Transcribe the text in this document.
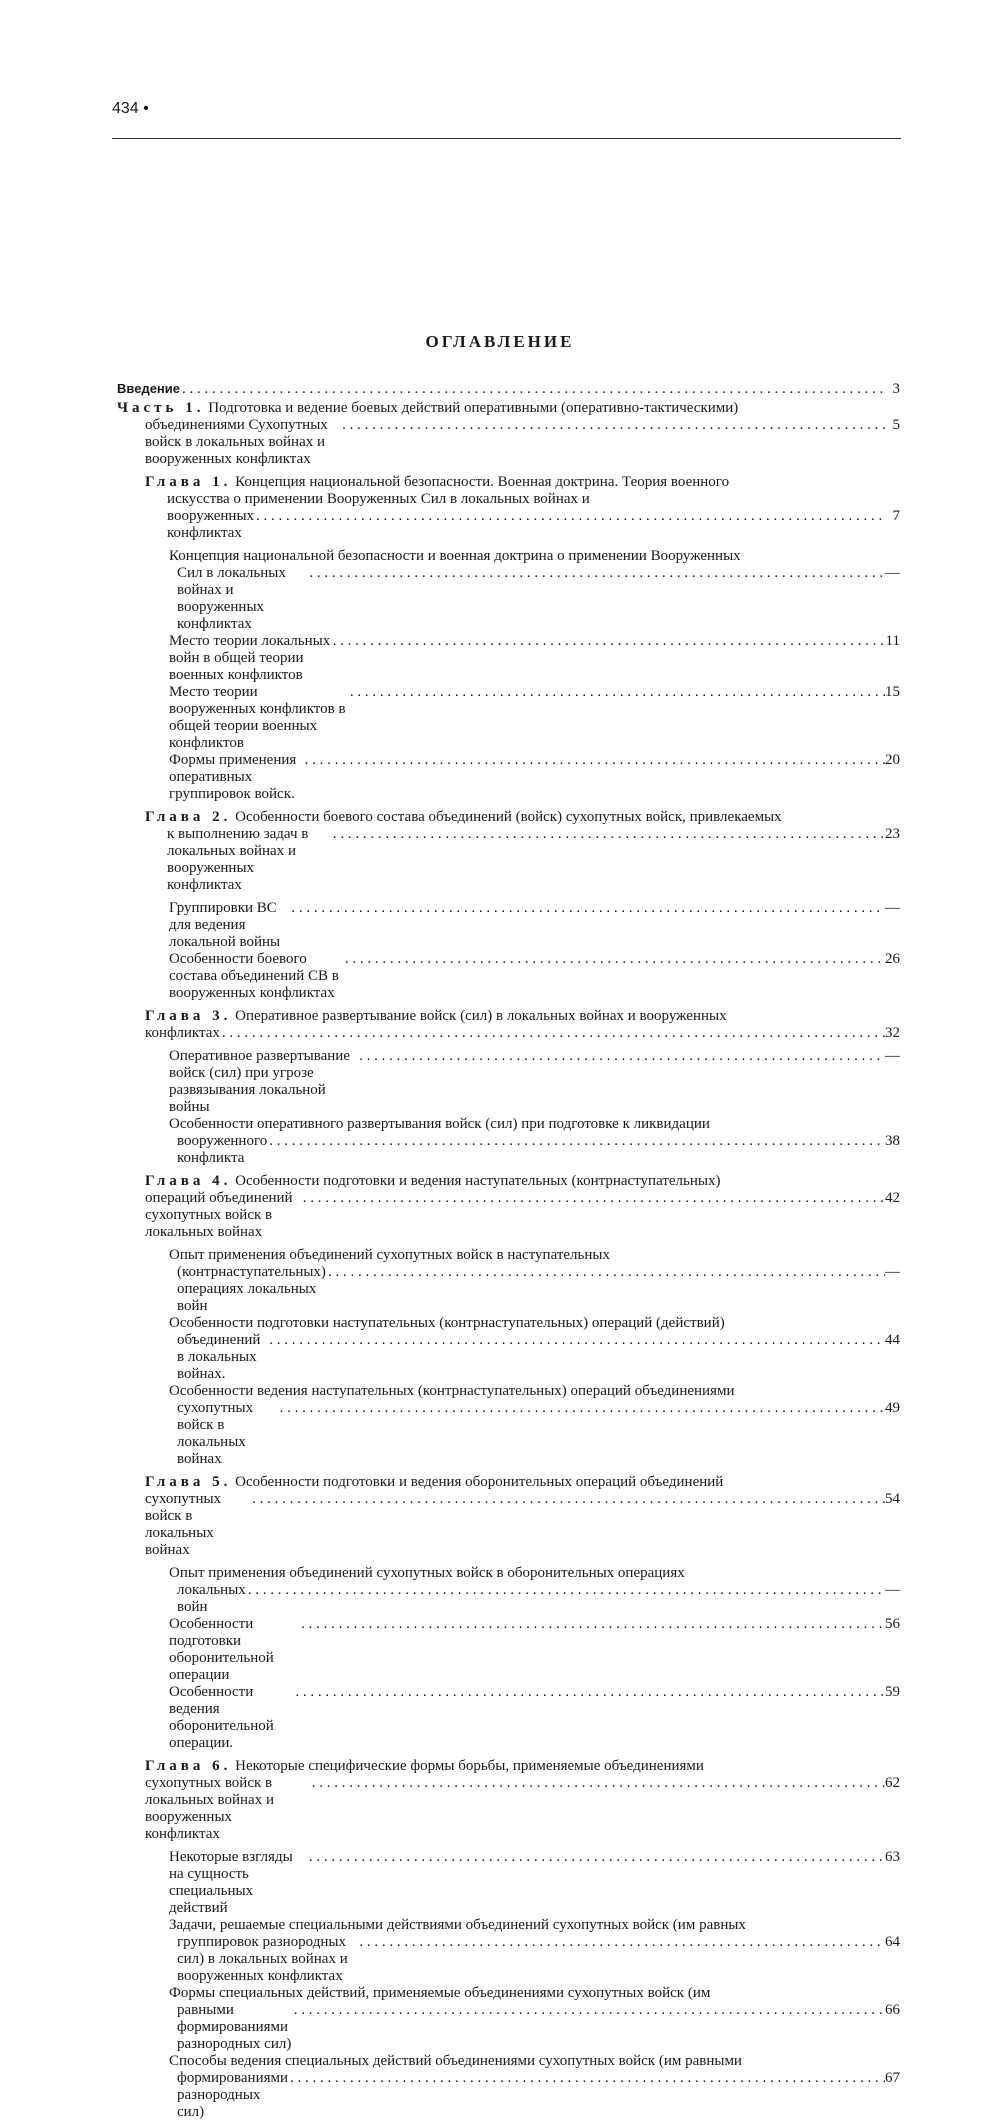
434 •
ОГЛАВЛЕНИЕ
Введение . . .	3
Часть 1. Подготовка и ведение боевых действий оперативными (оперативно-тактическими)
объединениями Сухопутных войск в локальных войнах и вооруженных конфликтах
. . .
5
Глава 1. Концепция национальной безопасности. Военная доктрина. Теория военного
искусства о применении Вооруженных Сил в локальных войнах и
вооруженных конфликтах
. . .
7
Концепция национальной безопасности и военная доктрина о применении Вооруженных
Сил в локальных войнах и вооруженных конфликтах
. . .
—
Место теории локальных войн в общей теории военных конфликтов
. . .
11
Место теории вооруженных конфликтов в общей теории военных конфликтов
. . .
15
Формы применения оперативных группировок войск.
. . .
20
Глава 2. Особенности боевого состава объединений (войск) сухопутных войск, привлекаемых
к выполнению задач в локальных войнах и вооруженных конфликтах
. . .
23
Группировки ВС для ведения локальной войны
. . .
—
Особенности боевого состава объединений СВ в вооруженных конфликтах
. . .
26
Глава 3. Оперативное развертывание войск (сил) в локальных войнах и вооруженных
конфликтах . . .	32
Оперативное развертывание войск (сил) при угрозе развязывания локальной войны
. . .
—
Особенности оперативного развертывания войск (сил) при подготовке к ликвидации
вооруженного конфликта
. . .
38
Глава 4. Особенности подготовки и ведения наступательных (контрнаступательных)
операций объединений сухопутных войск в локальных войнах
. . .
42
Опыт применения объединений сухопутных войск в наступательных
(контрнаступательных) операциях локальных войн
. . .
—
Особенности подготовки наступательных (контрнаступательных) операций (действий)
объединений в локальных войнах.
. . .
44
Особенности ведения наступательных (контрнаступательных) операций объединениями
сухопутных войск в локальных войнах
. . .
49
Глава 5. Особенности подготовки и ведения оборонительных операций объединений
сухопутных войск в локальных войнах
. . .
54
Опыт применения объединений сухопутных войск в оборонительных операциях
локальных войн
. . .
—
Особенности подготовки оборонительной операции
. . .
56
Особенности ведения оборонительной операции.
. . .
59
Глава 6. Некоторые специфические формы борьбы, применяемые объединениями
сухопутных войск в локальных войнах и вооруженных конфликтах
. . .
62
Некоторые взгляды на сущность специальных действий
. . .
63
Задачи, решаемые специальными действиями объединений сухопутных войск (им равных
группировок разнородных сил) в локальных войнах и вооруженных конфликтах
. . .
64
Формы специальных действий, применяемые объединениями сухопутных войск (им
равными формированиями разнородных сил)
. . .
66
Способы ведения специальных действий объединениями сухопутных войск (им равными
формированиями разнородных сил)
. . .
67
